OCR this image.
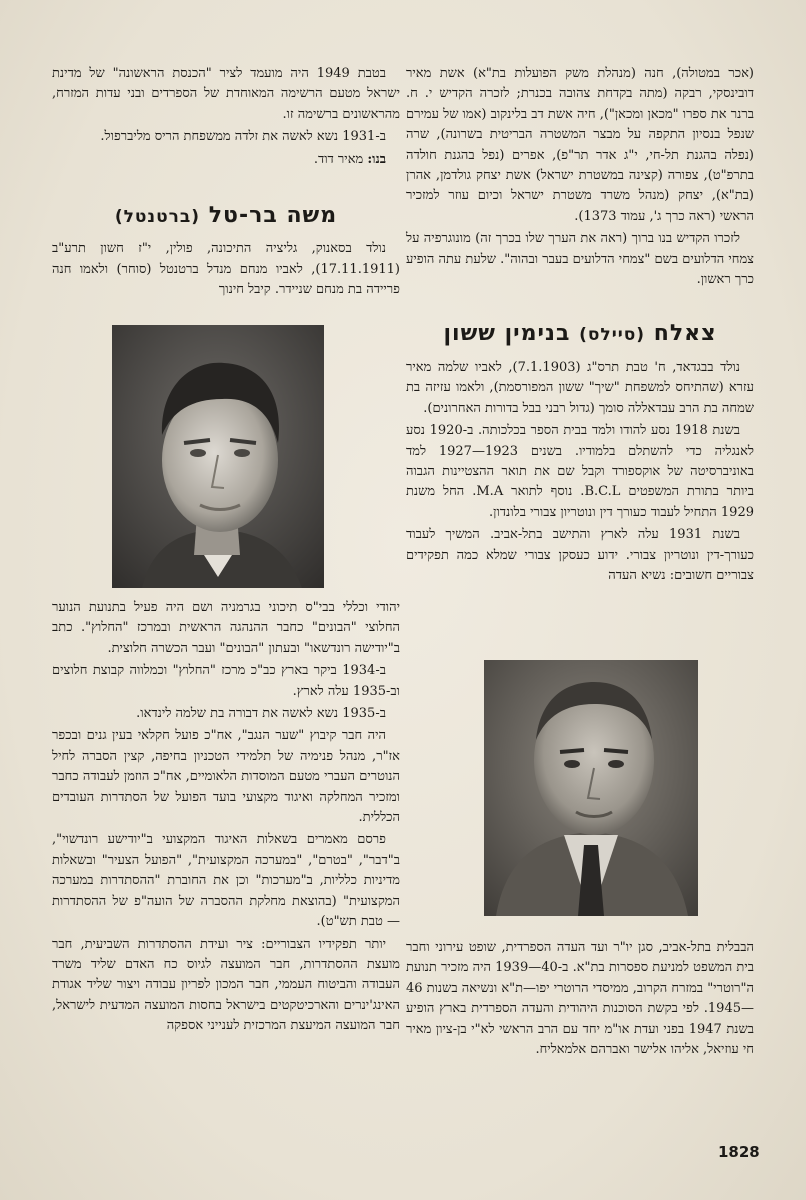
(אכר במטולה), חנה (מנהלת משק הפועלות בת"א) אשת מאיר דובינסקי, רבקה (מתה בקדחת צהובה בכנרת; לזכרה הקדיש י. ח. ברנר את ספרו "מכאן ומכאן"), חיה אשת דב בלינקוב (אמו של עמירם שנפל בנסיון התקפה על מבצר המשטרה הבריטית בשרונה), שרה (נפלה בהגנת תל-חי, י"ג אדר תר"פ), אפרים (נפל בהגנת חולדה בתרפ"ט), צפורה (קצינה במשטרת ישראל) אשת יצחק גולדמן, אהרן (בת"א), יצחק (מנהל משרד משטרת ישראל וכיום עוזר למזכיר הראשי (ראה כרך ג', עמוד 1373).

לזכרו הקדיש בנו ברוך (ראה את הערך שלו בכרך זה) מונוגרפיה על צמחי הדלועים בשם "צמחי הדלועים בעבר ובהוה". שלעת עתה הופיע כרך ראשון.

צאלח (סיילס) בנימין ששון

נולד בבגדאד, ח' טבת תרס"ג (7.1.1903), לאביו שלמה מאיר עזרא (שהתיחס למשפחת "שיך" ששון המפורסמת), ולאמו עזיזה בת שמחה בת הרב עבדאללה סומך (גדול רבני בבל בדורות האחרונים).

בשנת 1918 נסע להודו ולמד בבית הספר בכלכותה. ב-1920 נסע לאנגליה כדי להשתלם בלמודיו. בשנים 1923—1927 למד באוניברסיטה של אוקספורד וקבל שם את תואר ההצטיינות הגבוה ביותר בתורת המשפטים B.C.L. נוסף לתואר M.A. החל משנת 1929 התחיל לעבוד כעורך דין ונוטריון צבורי בלונדון.

בשנת 1931 עלה לארץ והתישב בתל-אביב. המשיך לעבוד כעורך-דין ונוטריון צבורי. ידוע כעסקן צבורי שמלא כמה תפקידים צבוריים חשובים: נשיא העדה

בטבת 1949 היה מועמד לציר "הכנסת הראשונה" של מדינת ישראל מטעם הרשימה המאוחדת של הספרדים ובני עדות המזרח, מהראשונים ברשימה זו.

ב-1931 נשא לאשה את זלדה ממשפחת הריס מליברפול.

בנו: מאיר דוד.

משה בר-טל (ברטנטל)

נולד בסאנוק, גליציה התיכונה, פולין, י"ז חשון תרע"ב (17.11.1911), לאביו מנחם מנדל ברטנטל (סוחר) ולאמו חנה פריידה בת מנחם שניידר. קיבל חינוך

יהודי וכללי בבי"ס תיכוני בגרמניה ושם היה פעיל בתנועת הנוער החלוצי "הבונים" כחבר ההנהגה הראשית ובמרכז "החלוץ". כתב ב"יודישה רונדשאו" ובעתון "הבונים" ועבר הכשרה חלוצית.

ב-1934 ביקר בארץ כב"כ מרכז "החלוץ" וכמלווה קבוצת חלוצים וב-1935 עלה לארץ.

ב-1935 נשא לאשה את דבורה בת שלמה לינדאו.

היה חבר קיבוץ "שער הנגב", אח"כ פועל חקלאי בעין גנים ובכפר אז"ר, מנהל פנימיה של תלמידי הטכניון בחיפה, קצין הסברה לחיל הנוטרים העברי מטעם המוסדות הלאומיים, אח"כ הוזמן לעבודה כחבר ומזכיר המחלקה ואיגוד מקצועי בועד הפועל של הסתדרות העובדים הכללית.

פרסם מאמרים בשאלות האיגוד המקצועי ב"יודישע רונדשוי", ב"דבר", "בטרם", "במערכה המקצועית", "הפועל הצעיר" ובשאלות מדיניות כלליות, ב"מערכות" וכן את החוברת "ההסתדרות במערכה המקצועית" (בהוצאת מחלקת ההסברה של הועה"פ של ההסתדרות — טבת תש"ט).

יותר תפקידיו הצבוריים: ציר ועידת ההסתדרות השביעית, חבר מועצת ההסתדרות, חבר המועצה לגיוס כח האדם שליד משרד העבודה והביטוח העממי, חבר המכון לפריון עבודה ויצור שליד אגודת האינג'ינרים והארכיטקטים בישראל בחסות המועצה המדעית לישראל, חבר המועצה המיעצת המרכזית לענייני אספקה

הבבלית בתל-אביב, סגן יו"ר ועד העדה הספרדית, שופט עירוני וחבר בית המשפט למניעת ספסרות בת"א. ב-40—1939 היה מזכיר תנועת ה"רוטרי" במזרח הקרוב, ממיסדי הרוטרי יפו—ת"א ונשיאה בשנות 46—1945. לפי בקשת הסוכנות היהודית והעדה הספרדית בארץ הופיע בשנת 1947 בפני ועדת או"מ יחד עם הרב הראשי לא"י בן-ציון מאיר חי עוזיאל, אליהו אלישר ואברהם אלמאליח.

1828
